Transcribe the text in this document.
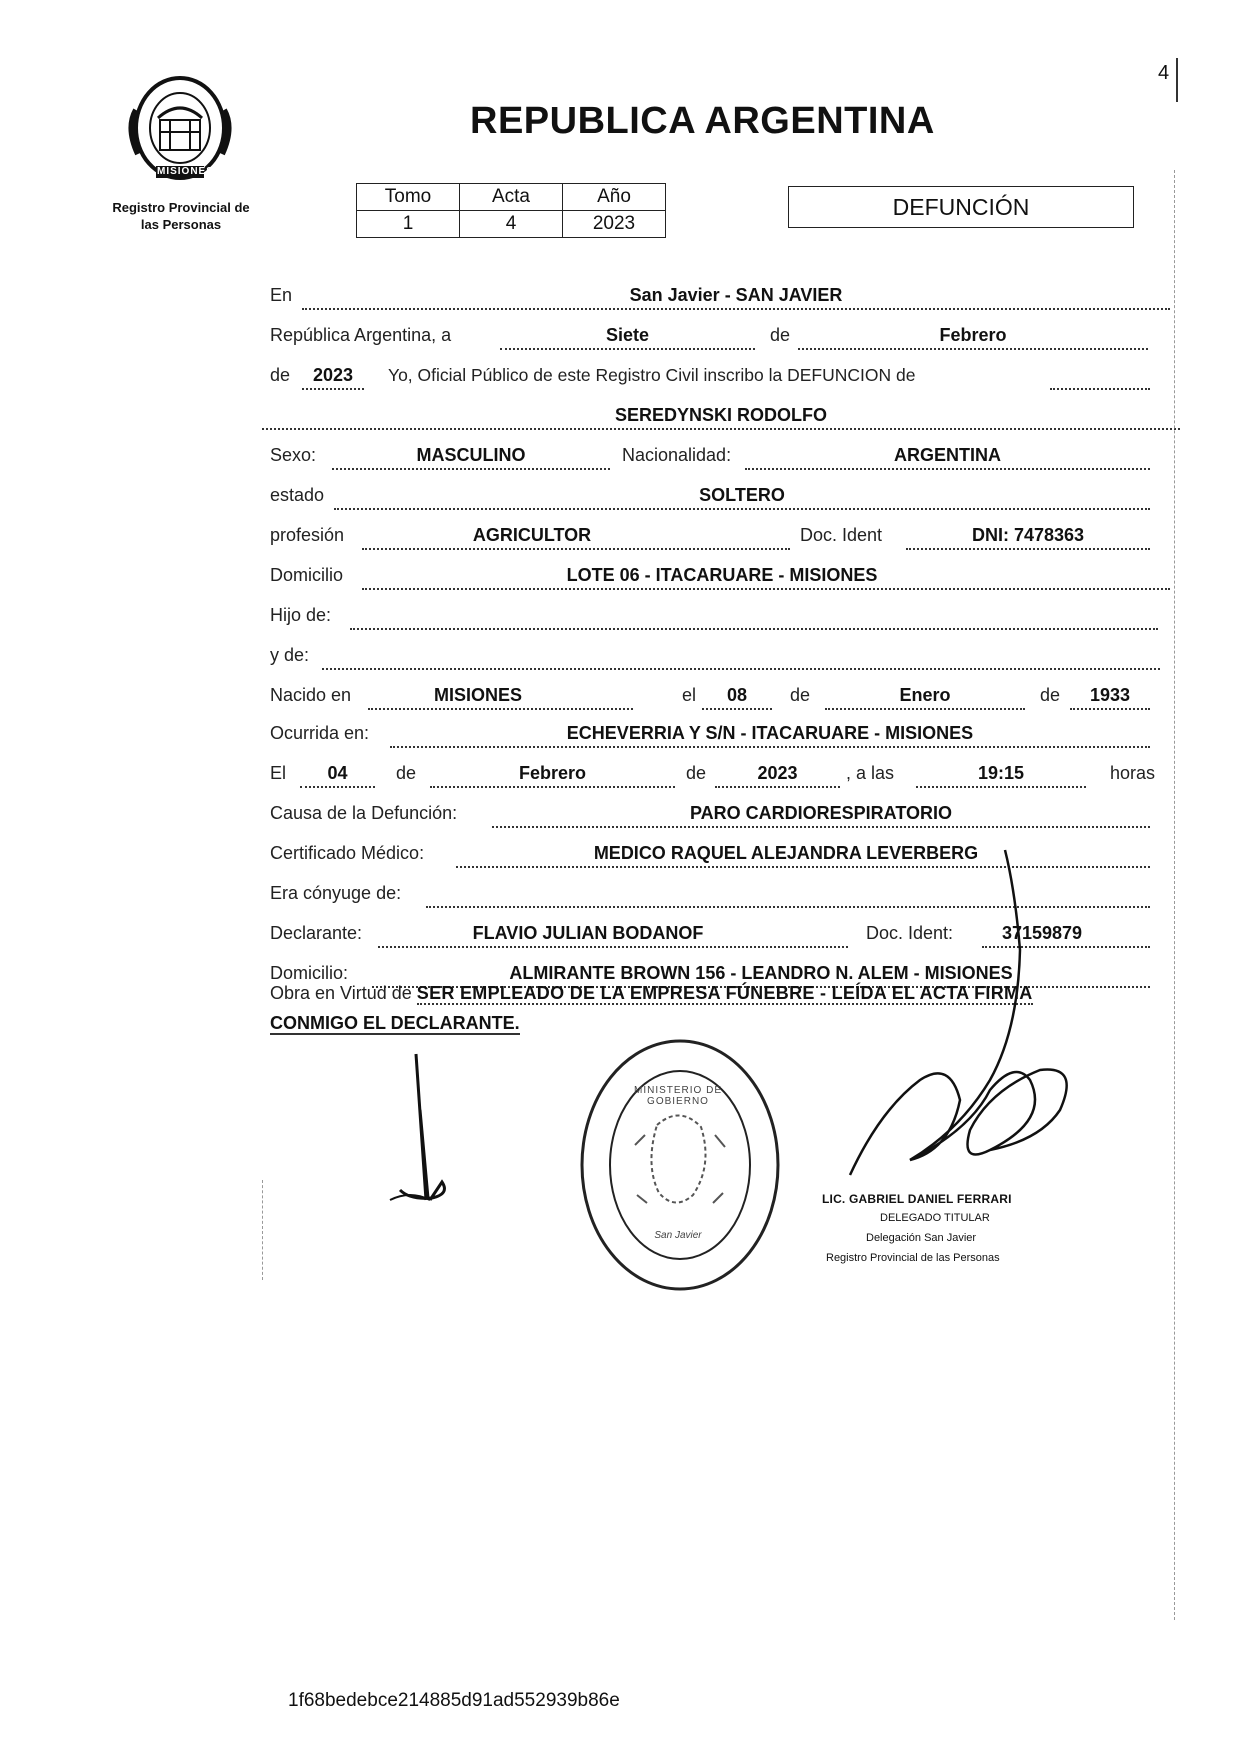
4
MISIONES
Registro Provincial de
las Personas
REPUBLICA ARGENTINA
Tomo	Acta	Año
1	4	2023
DEFUNCIÓN
En	San Javier - SAN JAVIER
República Argentina, a	Siete	de	Febrero
de	2023	Yo, Oficial Público de este Registro Civil inscribo la DEFUNCION de
SEREDYNSKI RODOLFO
Sexo:	MASCULINO	Nacionalidad:	ARGENTINA
estado	SOLTERO
profesión	AGRICULTOR	Doc. Ident	DNI: 7478363
Domicilio	LOTE 06 - ITACARUARE - MISIONES
Hijo de:
y de:
Nacido en	MISIONES	el	08	de	Enero	de	1933
Ocurrida en:	ECHEVERRIA Y S/N - ITACARUARE - MISIONES
El	04	de	Febrero	de	2023	, a las	19:15	horas
Causa de la Defunción:	PARO CARDIORESPIRATORIO
Certificado Médico:	MEDICO RAQUEL ALEJANDRA LEVERBERG
Era cónyuge de:
Declarante:	FLAVIO JULIAN BODANOF	Doc. Ident:	37159879
Domicilio:	ALMIRANTE BROWN 156 - LEANDRO N. ALEM - MISIONES
Obra en Virtud de SER EMPLEADO DE LA EMPRESA FÚNEBRE - LEÍDA EL ACTA FIRMA
CONMIGO EL DECLARANTE.
MINISTERIO DE GOBIERNO
San Javier
LIC. GABRIEL DANIEL FERRARI
DELEGADO TITULAR
Delegación San Javier
Registro Provincial de las Personas
1f68bedebce214885d91ad552939b86e
